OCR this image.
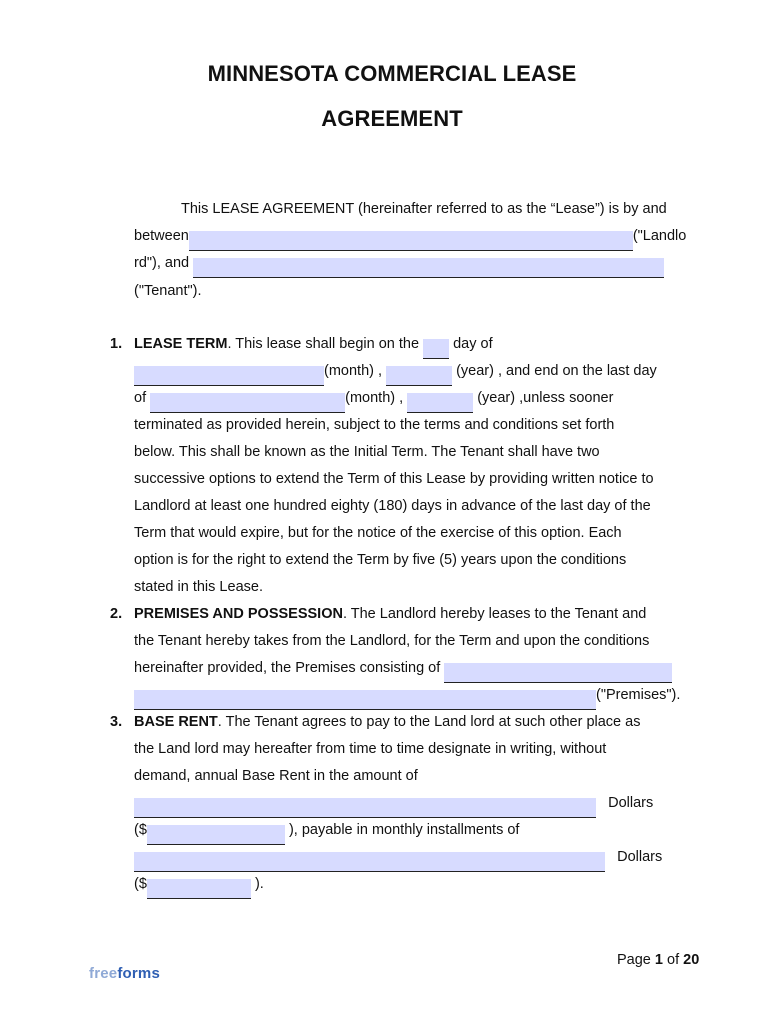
MINNESOTA COMMERCIAL LEASE
AGREEMENT
This LEASE AGREEMENT (hereinafter referred to as the “Lease”) is by and
between	("Landlo
rd"), and
("Tenant").
1. LEASE TERM. This lease shall begin on the day of
(month) ,	(year) , and end on the last day
of	(month) ,	(year) ,unless sooner
terminated as provided herein, subject to the terms and conditions set forth
below. This shall be known as the Initial Term. The Tenant shall have two
successive options to extend the Term of this Lease by providing written notice to
Landlord at least one hundred eighty (180) days in advance of the last day of the
Term that would expire, but for the notice of the exercise of this option. Each
option is for the right to extend the Term by five (5) years upon the conditions
stated in this Lease.
2. PREMISES AND POSSESSION. The Landlord hereby leases to the Tenant and
the Tenant hereby takes from the Landlord, for the Term and upon the conditions
hereinafter provided, the Premises consisting of
("Premises").
3. BASE RENT. The Tenant agrees to pay to the Land lord at such other place as
the Land lord may hereafter from time to time designate in writing, without
demand, annual Base Rent in the amount of
Dollars
($	), payable in monthly installments of
Dollars
($	).
Page 1 of 20
freeforms
